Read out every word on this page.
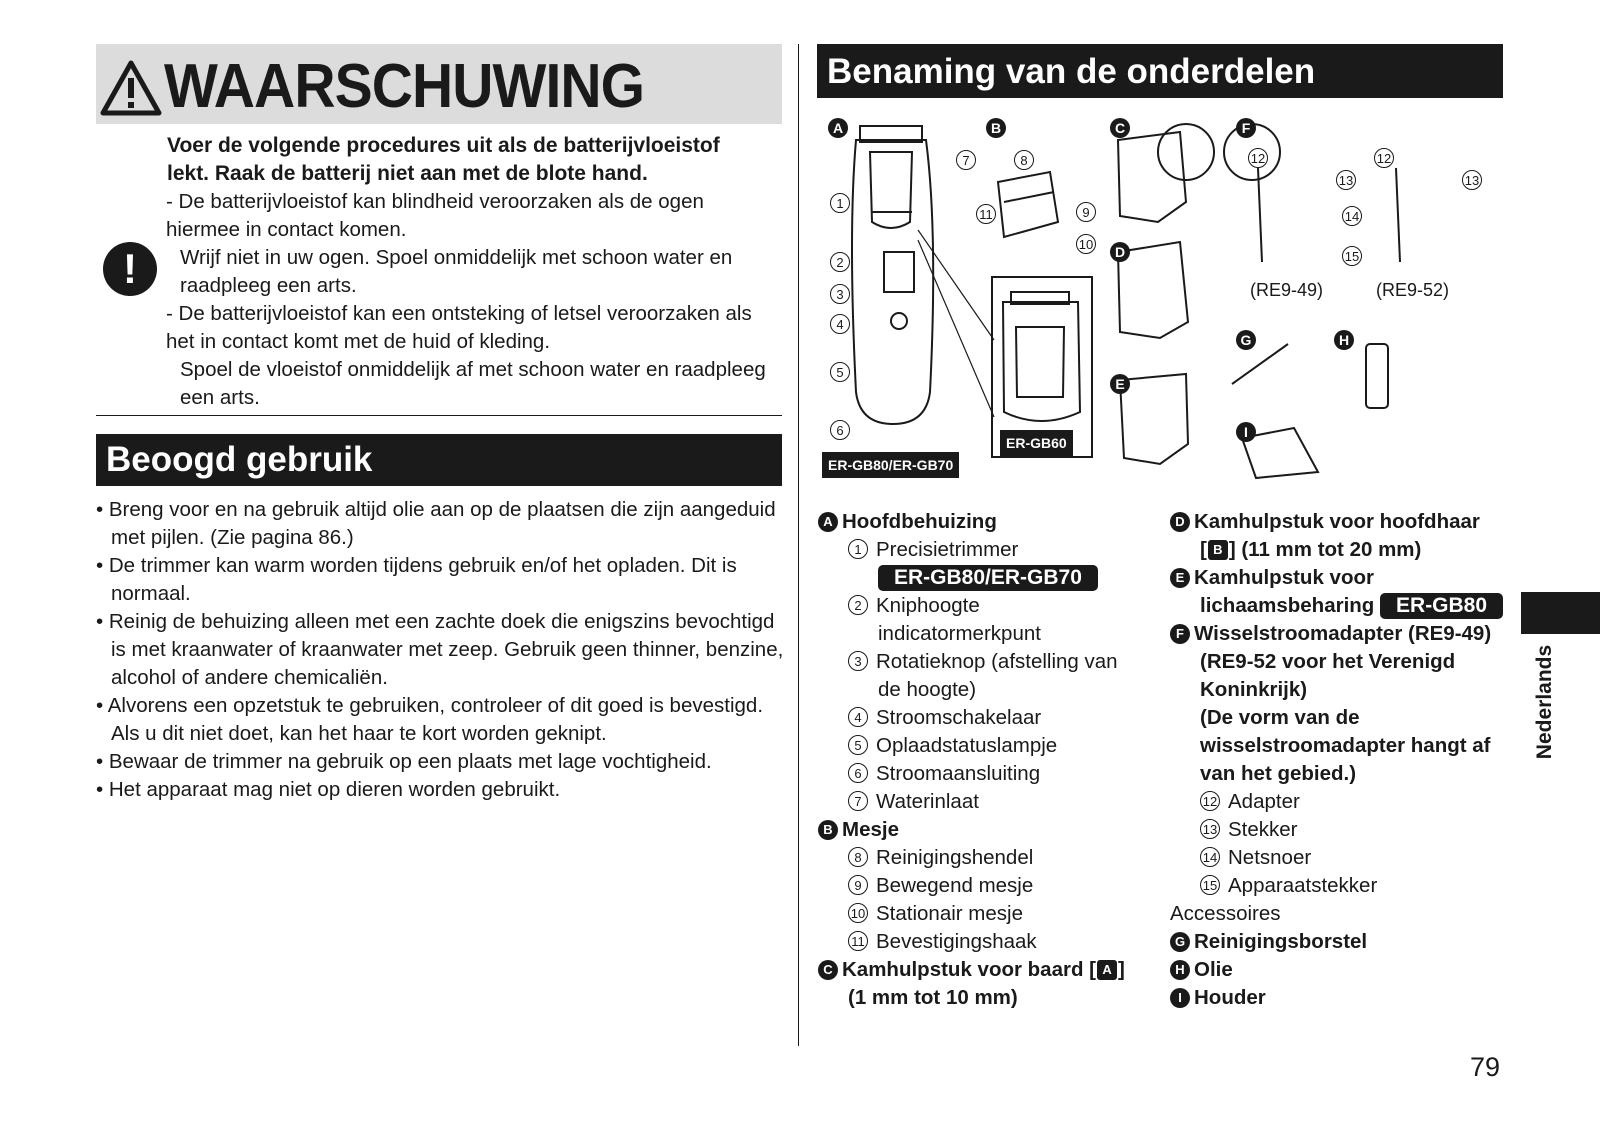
WAARSCHUWING
Voer de volgende procedures uit als de batterijvloeistof lekt. Raak de batterij niet aan met de blote hand.
!

- De batterijvloeistof kan blindheid veroorzaken als de ogen hiermee in contact komen.

Wrijf niet in uw ogen. Spoel onmiddelijk met schoon water en raadpleeg een arts.

- De batterijvloeistof kan een ontsteking of letsel veroorzaken als het in contact komt met de huid of kleding.

Spoel de vloeistof onmiddelijk af met schoon water en raadpleeg een arts.

Beoogd gebruik
• Breng voor en na gebruik altijd olie aan op de plaatsen die zijn aangeduid met pijlen. (Zie pagina 86.)
• De trimmer kan warm worden tijdens gebruik en/of het opladen. Dit is normaal.
• Reinig de behuizing alleen met een zachte doek die enigszins bevochtigd is met kraanwater of kraanwater met zeep. Gebruik geen thinner, benzine, alcohol of andere chemicaliën.
• Alvorens een opzetstuk te gebruiken, controleer of dit goed is bevestigd. Als u dit niet doet, kan het haar te kort worden geknipt.
• Bewaar de trimmer na gebruik op een plaats met lage vochtigheid.
• Het apparaat mag niet op dieren worden gebruikt.
Benaming van de onderdelen
A	B	C
D
E
F
G	H
I
1
2
3
4
5
6
7	8
9
10
11
12
13
12
13
14
15
(RE9-49)	(RE9-52)
ER-GB80/ER-GB70
ER-GB60
A Hoofdbehuizing
1 Precisietrimmer
ER-GB80/ER-GB70
2 Kniphoogte
indicatormerkpunt
3 Rotatieknop (afstelling van
de hoogte)
4 Stroomschakelaar
5 Oplaadstatuslampje
6 Stroomaansluiting
7 Waterinlaat
B Mesje
8 Reinigingshendel
9 Bewegend mesje
10 Stationair mesje
11 Bevestigingshaak
C Kamhulpstuk voor baard [ A ]
(1 mm tot 10 mm)
D Kamhulpstuk voor hoofdhaar
[ B ] (11 mm tot 20 mm)
E Kamhulpstuk voor
lichaamsbeharing ER-GB80
F Wisselstroomadapter (RE9-49)
(RE9-52 voor het Verenigd
Koninkrijk)
(De vorm van de
wisselstroomadapter hangt af
van het gebied.)
12 Adapter
13 Stekker
14 Netsnoer
15 Apparaatstekker
Accessoires
G Reinigingsborstel
H Olie
I Houder
Nederlands
79
